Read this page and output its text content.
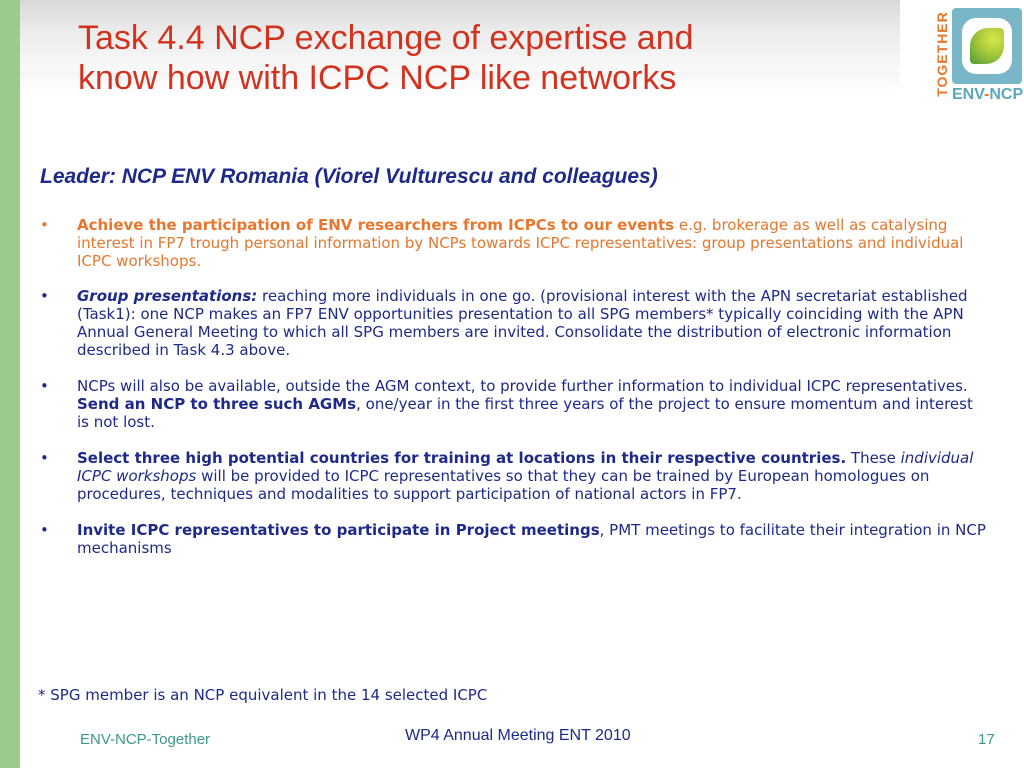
Task 4.4 NCP exchange of expertise and
know how with ICPC NCP like networks	TOGETHER ENV-NCP
Leader: NCP ENV Romania (Viorel Vulturescu and colleagues)
• Achieve the participation of ENV researchers from ICPCs to our events e.g. brokerage as well as catalysing interest in FP7 trough personal information by NCPs towards ICPC representatives: group presentations and individual ICPC workshops.
• Group presentations: reaching more individuals in one go. (provisional interest with the APN secretariat established (Task1): one NCP makes an FP7 ENV opportunities presentation to all SPG members* typically coinciding with the APN Annual General Meeting to which all SPG members are invited. Consolidate the distribution of electronic information described in Task 4.3 above.
• NCPs will also be available, outside the AGM context, to provide further information to individual ICPC representatives. Send an NCP to three such AGMs, one/year in the first three years of the project to ensure momentum and interest is not lost.
• Select three high potential countries for training at locations in their respective countries. These individual ICPC workshops will be provided to ICPC representatives so that they can be trained by European homologues on procedures, techniques and modalities to support participation of national actors in FP7.
• Invite ICPC representatives to participate in Project meetings, PMT meetings to facilitate their integration in NCP mechanisms
* SPG member is an NCP equivalent in the 14 selected ICPC
ENV-NCP-Together	WP4 Annual Meeting ENT 2010	17
